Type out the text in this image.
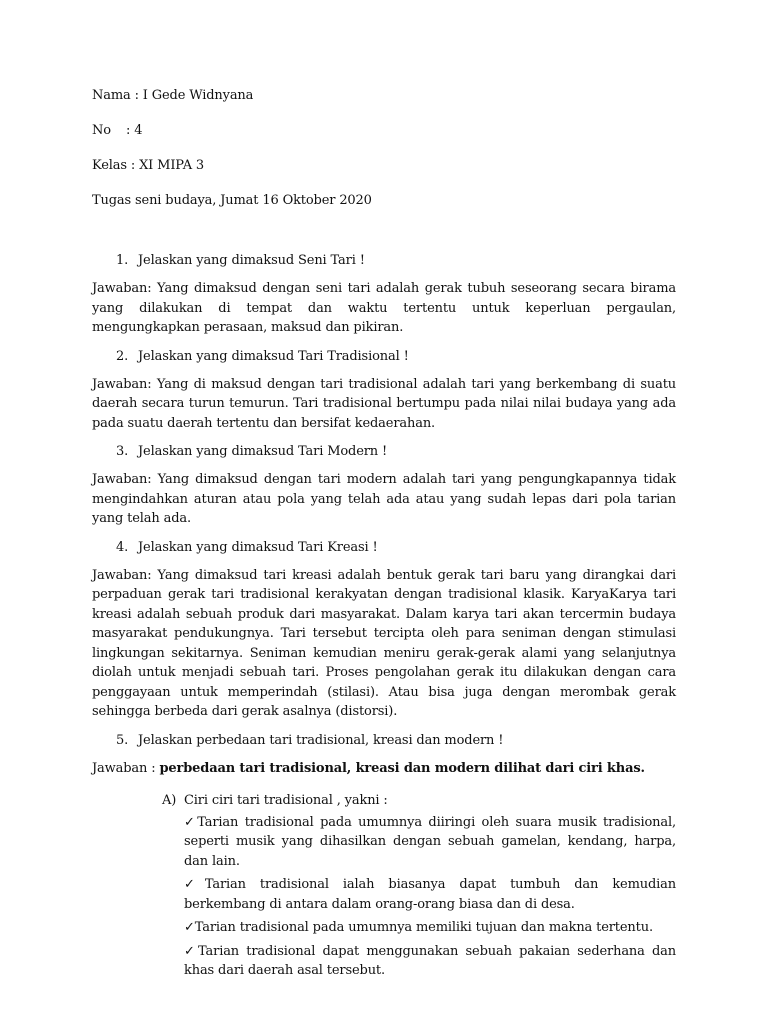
Nama : I Gede Widnyana
No : 4
Kelas : XI MIPA 3
Tugas seni budaya, Jumat 16 Oktober 2020
1. Jelaskan yang dimaksud Seni Tari !
Jawaban: Yang dimaksud dengan seni tari adalah gerak tubuh seseorang secara birama yang dilakukan di tempat dan waktu tertentu untuk keperluan pergaulan, mengungkapkan perasaan, maksud dan pikiran.
2. Jelaskan yang dimaksud Tari Tradisional !
Jawaban: Yang di maksud dengan tari tradisional adalah tari yang berkembang di suatu daerah secara turun temurun. Tari tradisional bertumpu pada nilai nilai budaya yang ada pada suatu daerah tertentu dan bersifat kedaerahan.
3. Jelaskan yang dimaksud Tari Modern !
Jawaban: Yang dimaksud dengan tari modern adalah tari yang pengungkapannya tidak mengindahkan aturan atau pola yang telah ada atau yang sudah lepas dari pola tarian yang telah ada.
4. Jelaskan yang dimaksud Tari Kreasi !
Jawaban: Yang dimaksud tari kreasi adalah bentuk gerak tari baru yang dirangkai dari perpaduan gerak tari tradisional kerakyatan dengan tradisional klasik. KaryaKarya tari kreasi adalah sebuah produk dari masyarakat. Dalam karya tari akan tercermin budaya masyarakat pendukungnya. Tari tersebut tercipta oleh para seniman dengan stimulasi lingkungan sekitarnya. Seniman kemudian meniru gerak-gerak alami yang selanjutnya diolah untuk menjadi sebuah tari. Proses pengolahan gerak itu dilakukan dengan cara penggayaan untuk memperindah (stilasi). Atau bisa juga dengan merombak gerak sehingga berbeda dari gerak asalnya (distorsi).
5. Jelaskan perbedaan tari tradisional, kreasi dan modern !
Jawaban : perbedaan tari tradisional, kreasi dan modern dilihat dari ciri khas.
A) Ciri ciri tari tradisional , yakni :
✓Tarian tradisional pada umumnya diiringi oleh suara musik tradisional, seperti musik yang dihasilkan dengan sebuah gamelan, kendang, harpa, dan lain.
✓Tarian tradisional ialah biasanya dapat tumbuh dan kemudian berkembang di antara dalam orang-orang biasa dan di desa.
✓Tarian tradisional pada umumnya memiliki tujuan dan makna tertentu.
✓Tarian tradisional dapat menggunakan sebuah pakaian sederhana dan khas dari daerah asal tersebut.
